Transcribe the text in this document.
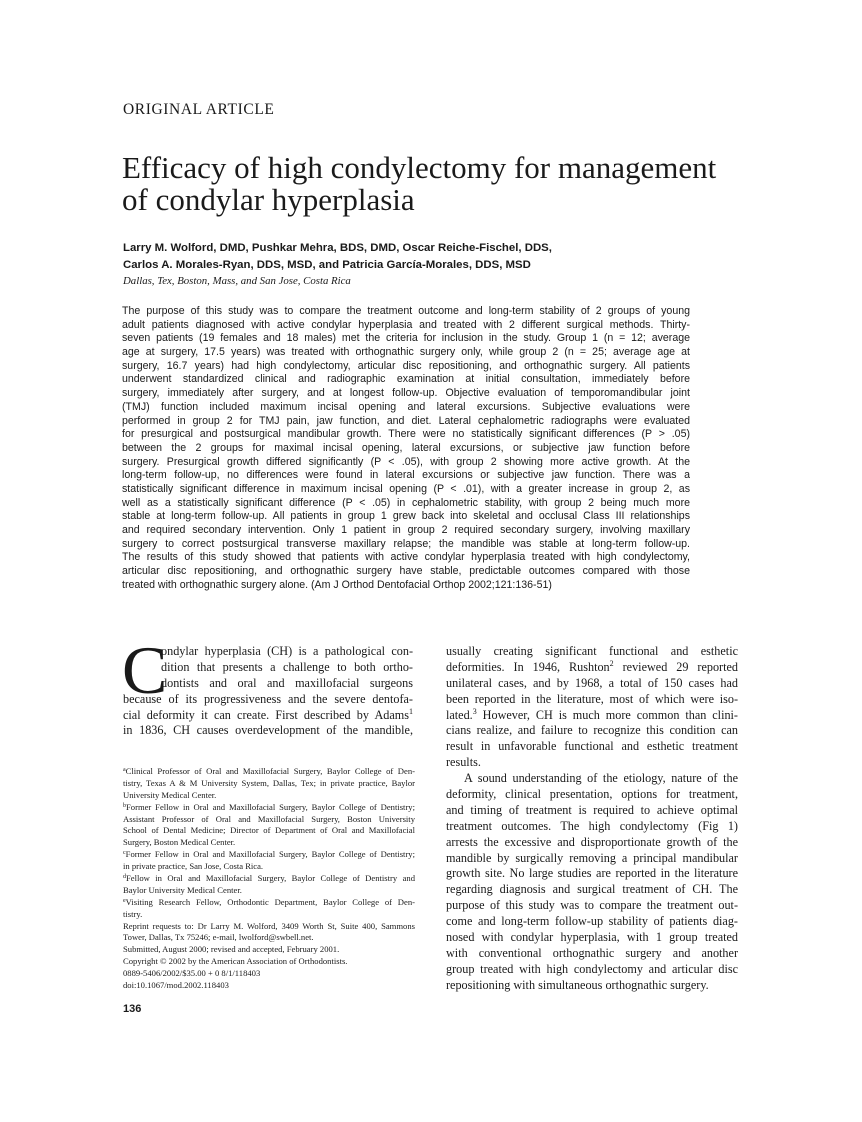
ORIGINAL ARTICLE
Efficacy of high condylectomy for management
of condylar hyperplasia
Larry M. Wolford, DMD, Pushkar Mehra, BDS, DMD, Oscar Reiche-Fischel, DDS,
Carlos A. Morales-Ryan, DDS, MSD, and Patricia García-Morales, DDS, MSD
Dallas, Tex, Boston, Mass, and San Jose, Costa Rica
The purpose of this study was to compare the treatment outcome and long-term stability of 2 groups of young
adult patients diagnosed with active condylar hyperplasia and treated with 2 different surgical methods. Thirty-
seven patients (19 females and 18 males) met the criteria for inclusion in the study. Group 1 (n = 12; average
age at surgery, 17.5 years) was treated with orthognathic surgery only, while group 2 (n = 25; average age at
surgery, 16.7 years) had high condylectomy, articular disc repositioning, and orthognathic surgery. All patients
underwent standardized clinical and radiographic examination at initial consultation, immediately before
surgery, immediately after surgery, and at longest follow-up. Objective evaluation of temporomandibular joint
(TMJ) function included maximum incisal opening and lateral excursions. Subjective evaluations were
performed in group 2 for TMJ pain, jaw function, and diet. Lateral cephalometric radiographs were evaluated
for presurgical and postsurgical mandibular growth. There were no statistically significant differences (P > .05)
between the 2 groups for maximal incisal opening, lateral excursions, or subjective jaw function before
surgery. Presurgical growth differed significantly (P < .05), with group 2 showing more active growth. At the
long-term follow-up, no differences were found in lateral excursions or subjective jaw function. There was a
statistically significant difference in maximum incisal opening (P < .01), with a greater increase in group 2, as
well as a statistically significant difference (P < .05) in cephalometric stability, with group 2 being much more
stable at long-term follow-up. All patients in group 1 grew back into skeletal and occlusal Class III relationships
and required secondary intervention. Only 1 patient in group 2 required secondary surgery, involving maxillary
surgery to correct postsurgical transverse maxillary relapse; the mandible was stable at long-term follow-up.
The results of this study showed that patients with active condylar hyperplasia treated with high condylectomy,
articular disc repositioning, and orthognathic surgery have stable, predictable outcomes compared with those
treated with orthognathic surgery alone. (Am J Orthod Dentofacial Orthop 2002;121:136-51)
C
ondylar hyperplasia (CH) is a pathological con-
dition that presents a challenge to both ortho-
dontists and oral and maxillofacial surgeons
because of its progressiveness and the severe dentofa-
cial deformity it can create. First described by Adams$^1$
in 1836, CH causes overdevelopment of the mandible,
$^a$Clinical Professor of Oral and Maxillofacial Surgery, Baylor College of Den-
tistry, Texas A & M University System, Dallas, Tex; in private practice, Baylor
University Medical Center.
$^b$Former Fellow in Oral and Maxillofacial Surgery, Baylor College of Dentistry;
Assistant Professor of Oral and Maxillofacial Surgery, Boston University
School of Dental Medicine; Director of Department of Oral and Maxillofacial
Surgery, Boston Medical Center.
$^c$Former Fellow in Oral and Maxillofacial Surgery, Baylor College of Dentistry;
in private practice, San Jose, Costa Rica.
$^d$Fellow in Oral and Maxillofacial Surgery, Baylor College of Dentistry and
Baylor University Medical Center.
$^e$Visiting Research Fellow, Orthodontic Department, Baylor College of Den-
tistry.
Reprint requests to: Dr Larry M. Wolford, 3409 Worth St, Suite 400, Sammons
Tower, Dallas, Tx 75246; e-mail, lwolford@swbell.net.
Submitted, August 2000; revised and accepted, February 2001.
Copyright © 2002 by the American Association of Orthodontists.
0889-5406/2002/$35.00 + 0 8/1/118403
doi:10.1067/mod.2002.118403
136
usually creating significant functional and esthetic
deformities. In 1946, Rushton$^2$ reviewed 29 reported
unilateral cases, and by 1968, a total of 150 cases had
been reported in the literature, most of which were iso-
lated.$^3$ However, CH is much more common than clini-
cians realize, and failure to recognize this condition can
result in unfavorable functional and esthetic treatment
results.
A sound understanding of the etiology, nature of the
deformity, clinical presentation, options for treatment,
and timing of treatment is required to achieve optimal
treatment outcomes. The high condylectomy (Fig 1)
arrests the excessive and disproportionate growth of the
mandible by surgically removing a principal mandibular
growth site. No large studies are reported in the literature
regarding diagnosis and surgical treatment of CH. The
purpose of this study was to compare the treatment out-
come and long-term follow-up stability of patients diag-
nosed with condylar hyperplasia, with 1 group treated
with conventional orthognathic surgery and another
group treated with high condylectomy and articular disc
repositioning with simultaneous orthognathic surgery.
